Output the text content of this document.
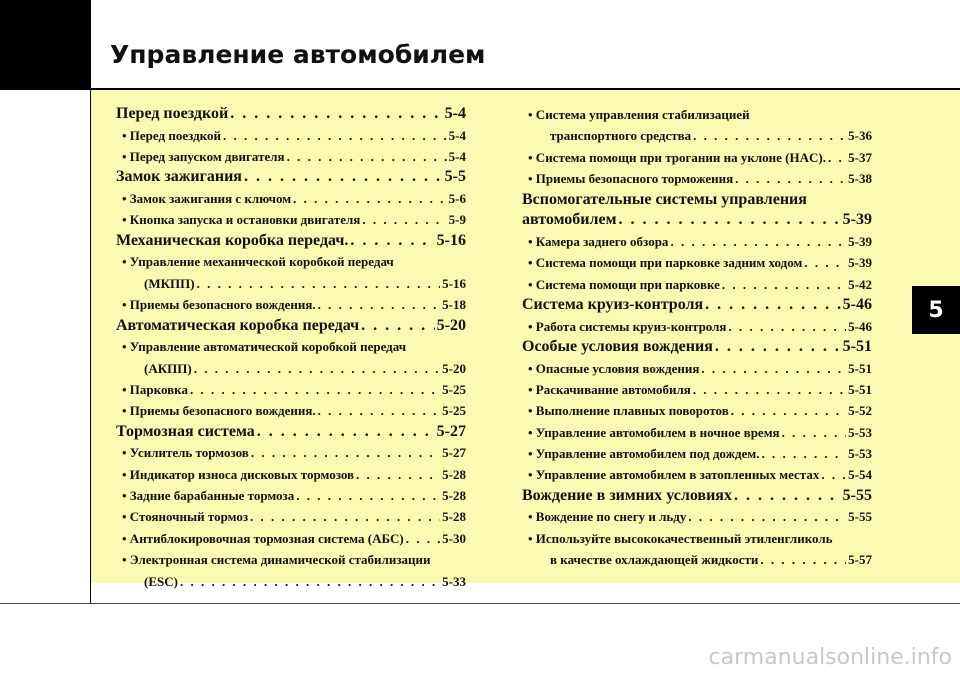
Управление автомобилем
Перед поездкой . . .	5-4
• Перед поездкой . . .	5-4
• Перед запуском двигателя . . .	5-4
Замок зажигания . . .	5-5
• Замок зажигания с ключом . . .	5-6
• Кнопка запуска и остановки двигателя . . .	5-9
Механическая коробка передач. . . .	5-16
• Управление механической коробкой передач
(МКПП) . . .	5-16
• Приемы безопасного вождения. . . .	5-18
Автоматическая коробка передач . . .	5-20
• Управление автоматической коробкой передач
(АКПП) . . .	5-20
• Парковка . . .	5-25
• Приемы безопасного вождения. . . .	5-25
Тормозная система . . .	5-27
• Усилитель тормозов . . .	5-27
• Индикатор износа дисковых тормозов . . .	5-28
• Задние барабанные тормоза . . .	5-28
• Стояночный тормоз . . .	5-28
• Антиблокировочная тормозная система (АБС) . . .	5-30
• Электронная система динамической стабилизации
(ESC) . . .	5-33
• Система управления стабилизацией
транспортного средства . . .	5-36
• Система помощи при трогании на уклоне (HAC). . . . 5-37
• Приемы безопасного торможения . . .	5-38
Вспомогательные системы управления
автомобилем . . .	5-39
• Камера заднего обзора . . .	5-39
• Система помощи при парковке задним ходом . . .	5-39
• Система помощи при парковке . . .	5-42
Система круиз-контроля . . .	5-46
• Работа системы круиз-контроля . . .	5-46
Особые условия вождения . . .	5-51
• Опасные условия вождения . . .	5-51
• Раскачивание автомобиля . . .	5-51
• Выполнение плавных поворотов . . .	5-52
• Управление автомобилем в ночное время . . .	5-53
• Управление автомобилем под дождем. . . .	5-53
• Управление автомобилем в затопленных местах . . . 5-54
Вождение в зимних условиях . . .	5-55
• Вождение по снегу и льду . . .	5-55
• Используйте высококачественный этиленгликоль
в качестве охлаждающей жидкости . . .	5-57
5
carmanualsonline.info
